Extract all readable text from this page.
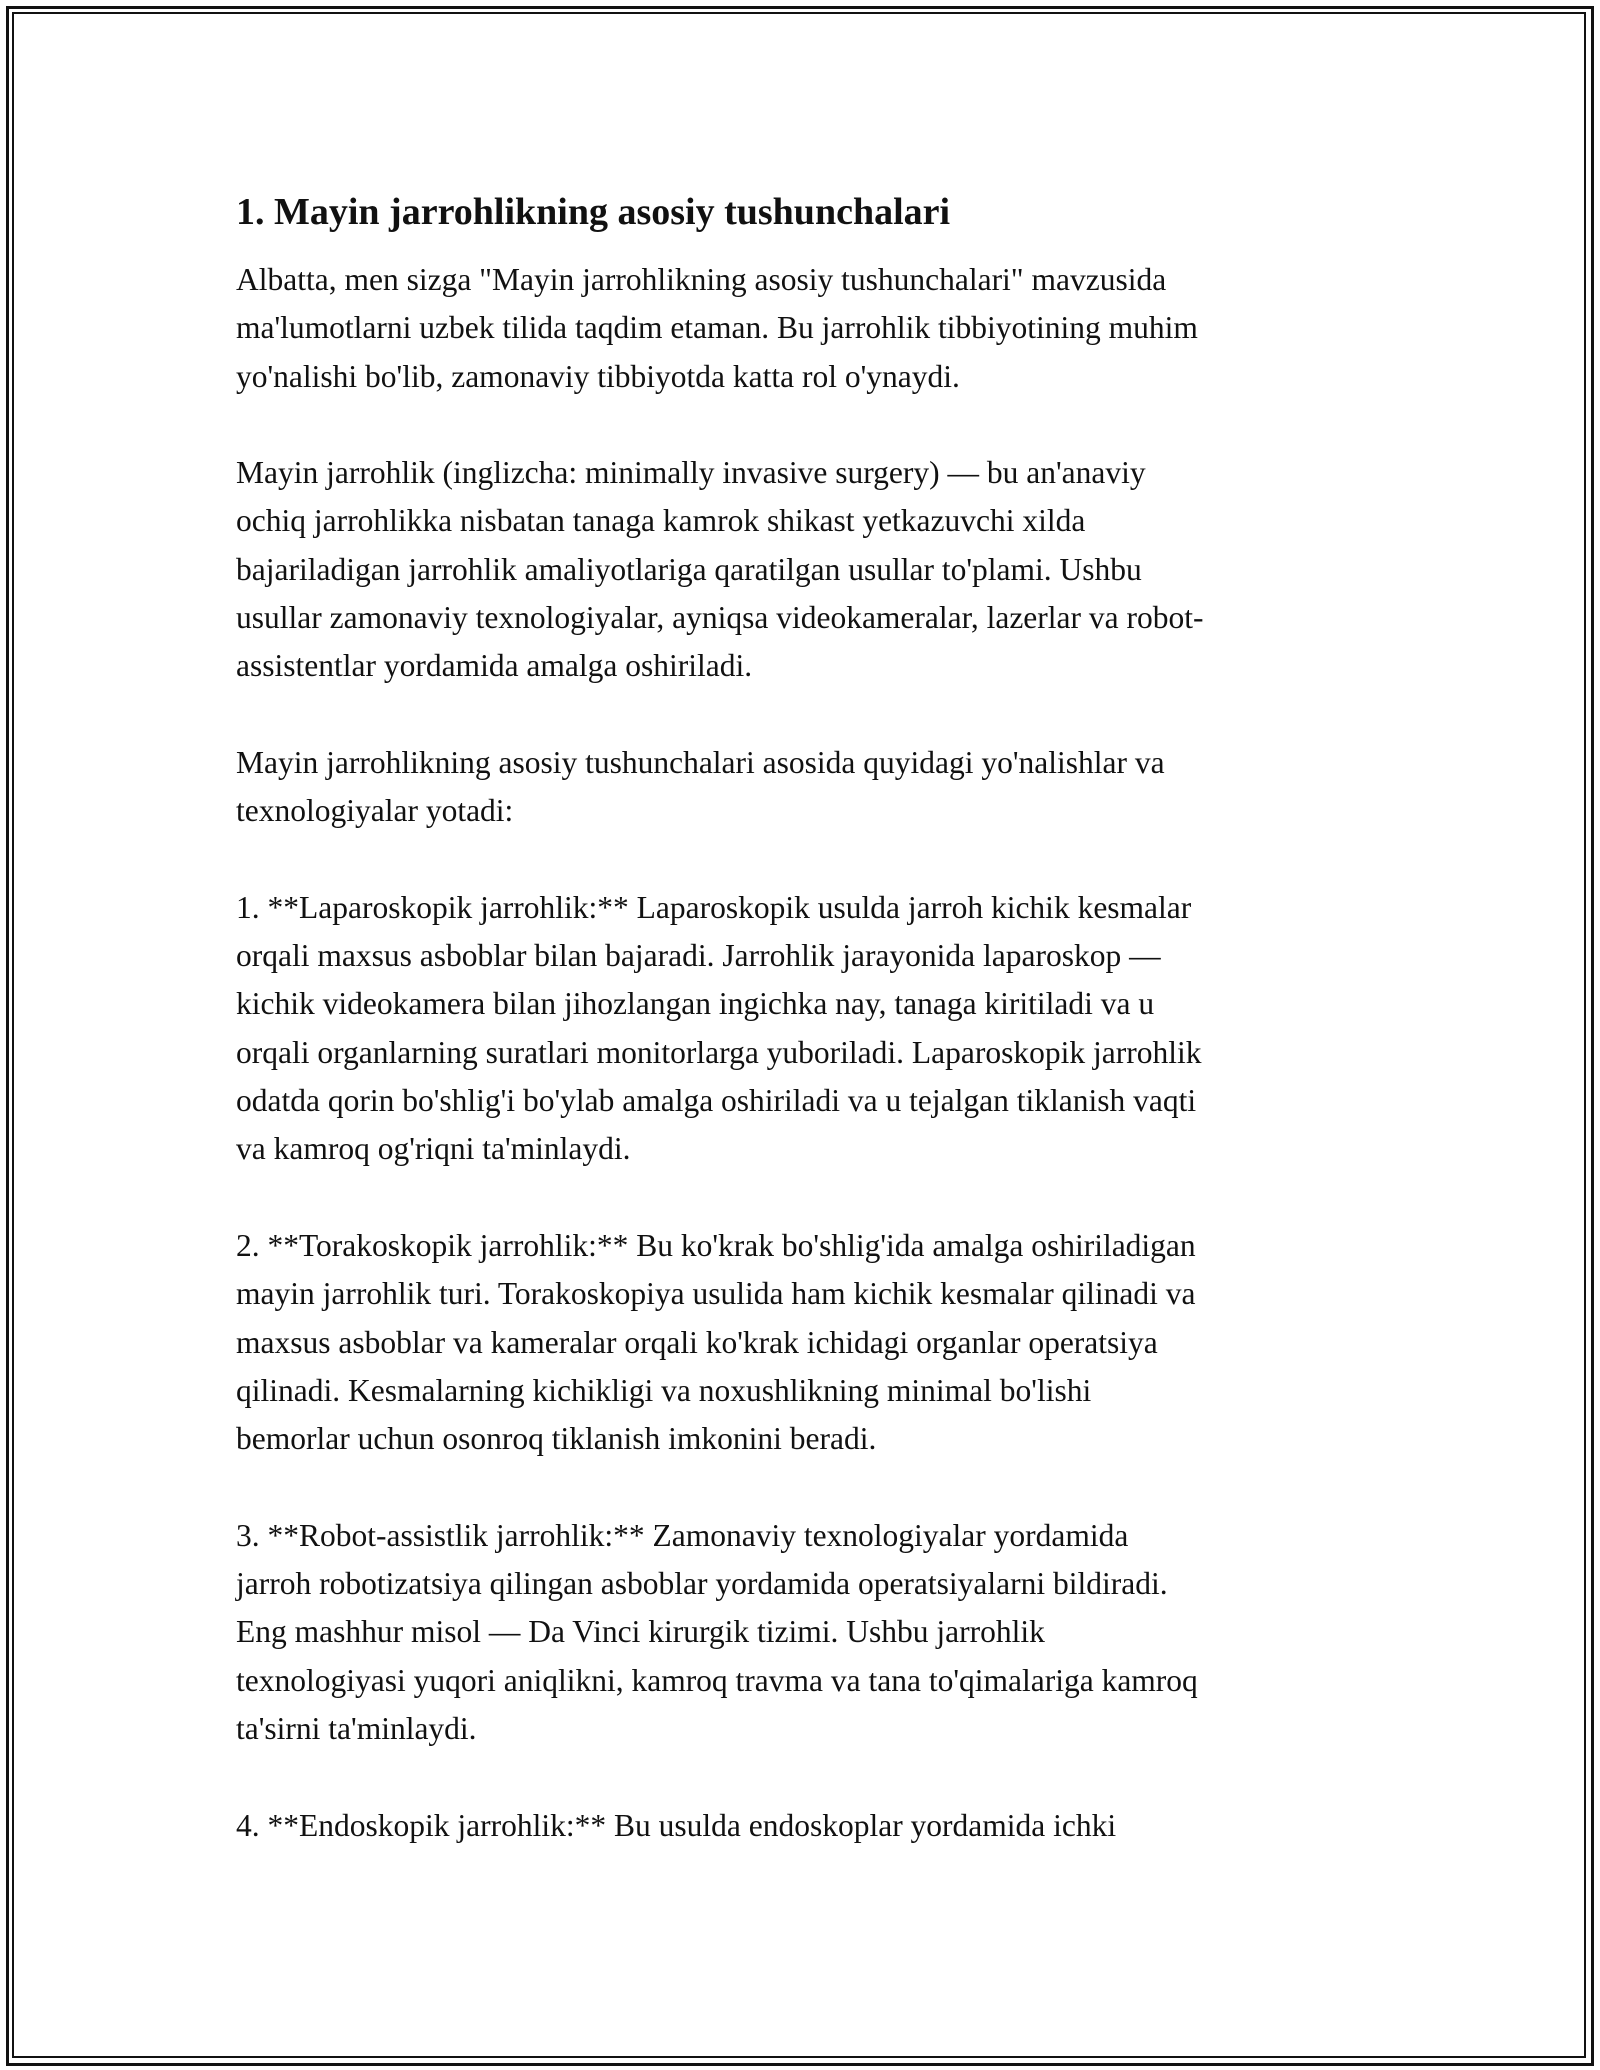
1. Mayin jarrohlikning asosiy tushunchalari

Albatta, men sizga "Mayin jarrohlikning asosiy tushunchalari" mavzusida
ma'lumotlarni uzbek tilida taqdim etaman. Bu jarrohlik tibbiyotining muhim
yo'nalishi bo'lib, zamonaviy tibbiyotda katta rol o'ynaydi.

Mayin jarrohlik (inglizcha: minimally invasive surgery) — bu an'anaviy
ochiq jarrohlikka nisbatan tanaga kamrok shikast yetkazuvchi xilda
bajariladigan jarrohlik amaliyotlariga qaratilgan usullar to'plami. Ushbu
usullar zamonaviy texnologiyalar, ayniqsa videokameralar, lazerlar va robot-
assistentlar yordamida amalga oshiriladi.

Mayin jarrohlikning asosiy tushunchalari asosida quyidagi yo'nalishlar va
texnologiyalar yotadi:

1. **Laparoskopik jarrohlik:** Laparoskopik usulda jarroh kichik kesmalar
orqali maxsus asboblar bilan bajaradi. Jarrohlik jarayonida laparoskop —
kichik videokamera bilan jihozlangan ingichka nay, tanaga kiritiladi va u
orqali organlarning suratlari monitorlarga yuboriladi. Laparoskopik jarrohlik
odatda qorin bo'shlig'i bo'ylab amalga oshiriladi va u tejalgan tiklanish vaqti
va kamroq og'riqni ta'minlaydi.

2. **Torakoskopik jarrohlik:** Bu ko'krak bo'shlig'ida amalga oshiriladigan
mayin jarrohlik turi. Torakoskopiya usulida ham kichik kesmalar qilinadi va
maxsus asboblar va kameralar orqali ko'krak ichidagi organlar operatsiya
qilinadi. Kesmalarning kichikligi va noxushlikning minimal bo'lishi
bemorlar uchun osonroq tiklanish imkonini beradi.

3. **Robot-assistlik jarrohlik:** Zamonaviy texnologiyalar yordamida
jarroh robotizatsiya qilingan asboblar yordamida operatsiyalarni bildiradi.
Eng mashhur misol — Da Vinci kirurgik tizimi. Ushbu jarrohlik
texnologiyasi yuqori aniqlikni, kamroq travma va tana to'qimalariga kamroq
ta'sirni ta'minlaydi.

4. **Endoskopik jarrohlik:** Bu usulda endoskoplar yordamida ichki
